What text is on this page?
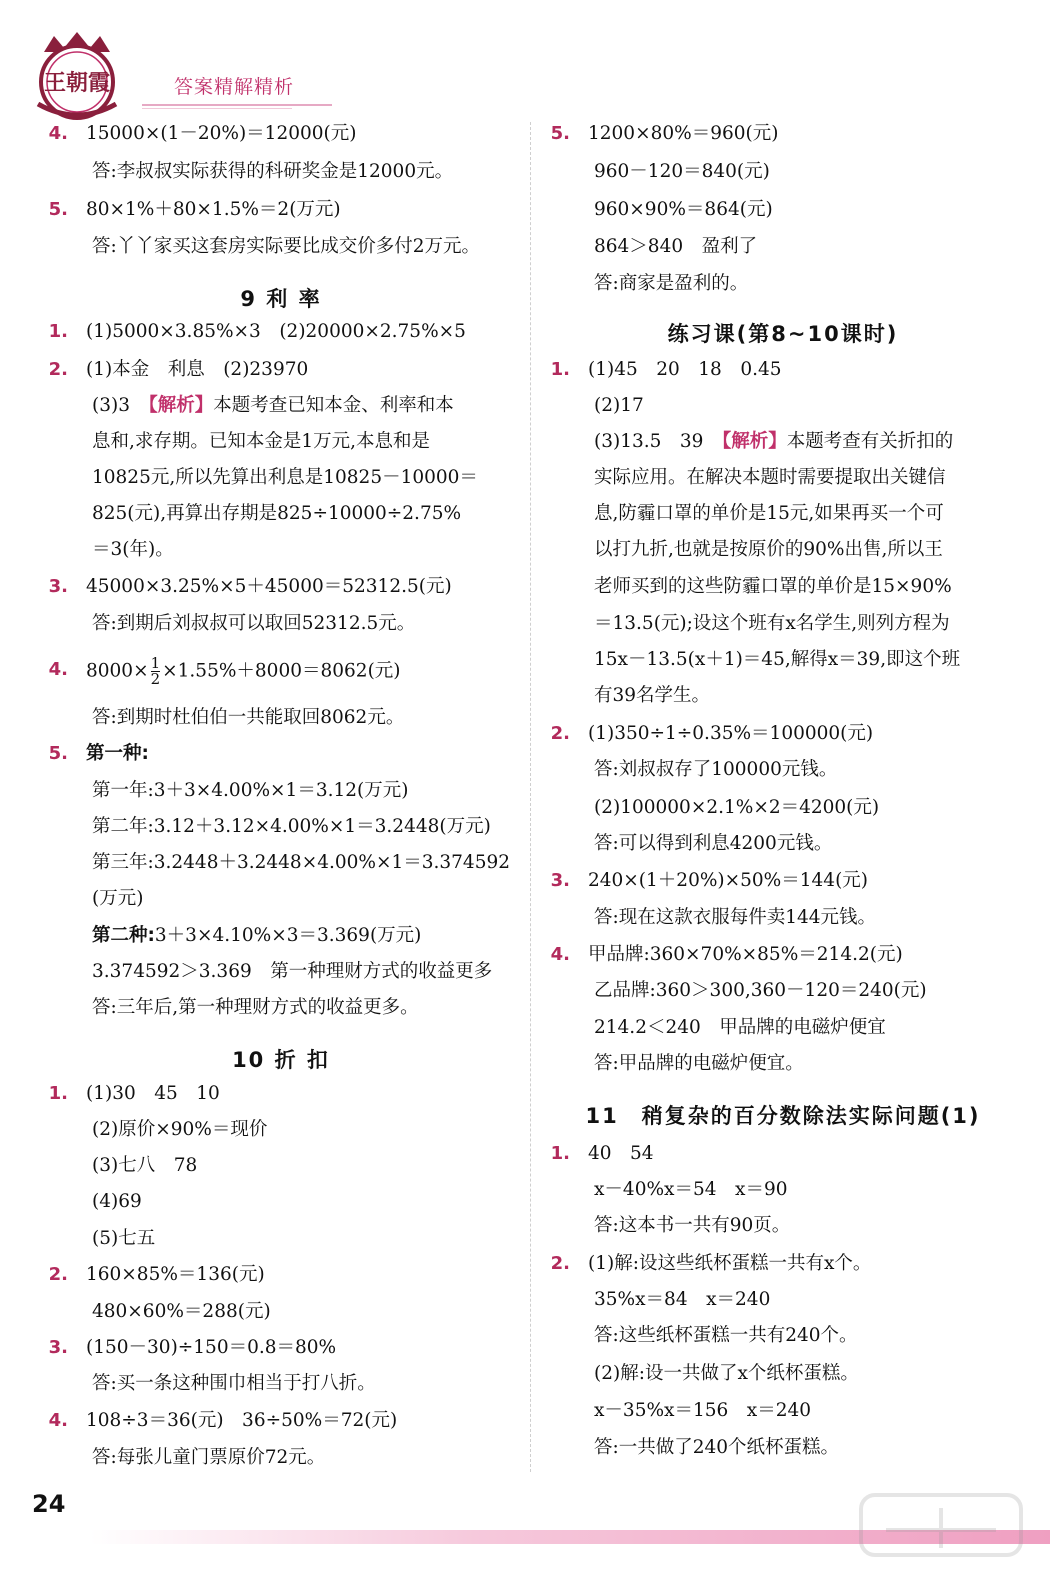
王朝霞	答案精解精析
4. 15000×(1－20%)＝12000(元)
答:李叔叔实际获得的科研奖金是12000元。
5. 80×1%＋80×1.5%＝2(万元)
答:丫丫家买这套房实际要比成交价多付2万元。
9 利 率
1. (1)5000×3.85%×3　(2)20000×2.75%×5
2. (1)本金　利息　(2)23970
(3)3　【解析】本题考查已知本金、利率和本
息和,求存期。已知本金是1万元,本息和是
10825元,所以先算出利息是10825－10000＝
825(元),再算出存期是825÷10000÷2.75%
＝3(年)。
3. 45000×3.25%×5＋45000＝52312.5(元)
答:到期后刘叔叔可以取回52312.5元。
4. $8000\times \frac{1}{2} \times 1.55\%+8000=8062$(元)
答:到期时杜伯伯一共能取回8062元。
5. 第一种:
第一年:3＋3×4.00%×1＝3.12(万元)
第二年:3.12＋3.12×4.00%×1＝3.2448(万元)
第三年:3.2448＋3.2448×4.00%×1＝3.374592
(万元)
第二种:3＋3×4.10%×3＝3.369(万元)
3.374592＞3.369　第一种理财方式的收益更多
答:三年后,第一种理财方式的收益更多。
10 折 扣
1. (1)30　45　10
(2)原价×90%＝现价
(3)七八　78
(4)69
(5)七五
2. 160×85%＝136(元)
480×60%＝288(元)
3. (150－30)÷150＝0.8＝80%
答:买一条这种围巾相当于打八折。
4. 108÷3＝36(元)　36÷50%＝72(元)
答:每张儿童门票原价72元。
5. 1200×80%＝960(元)
960－120＝840(元)
960×90%＝864(元)
864＞840　盈利了
答:商家是盈利的。
练习课(第8~10课时)
1. (1)45　20　18　0.45
(2)17
(3)13.5　39　【解析】本题考查有关折扣的
实际应用。在解决本题时需要提取出关键信
息,防霾口罩的单价是15元,如果再买一个可
以打九折,也就是按原价的90%出售,所以王
老师买到的这些防霾口罩的单价是15×90%
＝13.5(元);设这个班有x名学生,则列方程为
15x－13.5(x＋1)＝45,解得x＝39,即这个班
有39名学生。
2. (1)350÷1÷0.35%＝100000(元)
答:刘叔叔存了100000元钱。
(2)100000×2.1%×2＝4200(元)
答:可以得到利息4200元钱。
3. 240×(1＋20%)×50%＝144(元)
答:现在这款衣服每件卖144元钱。
4. 甲品牌:360×70%×85%＝214.2(元)
乙品牌:360＞300,360－120＝240(元)
214.2＜240　甲品牌的电磁炉便宜
答:甲品牌的电磁炉便宜。
11　稍复杂的百分数除法实际问题(1)
1. 40　54
x－40%x＝54　x＝90
答:这本书一共有90页。
2. (1)解:设这些纸杯蛋糕一共有x个。
35%x＝84　x＝240
答:这些纸杯蛋糕一共有240个。
(2)解:设一共做了x个纸杯蛋糕。
x－35%x＝156　x＝240
答:一共做了240个纸杯蛋糕。
24
